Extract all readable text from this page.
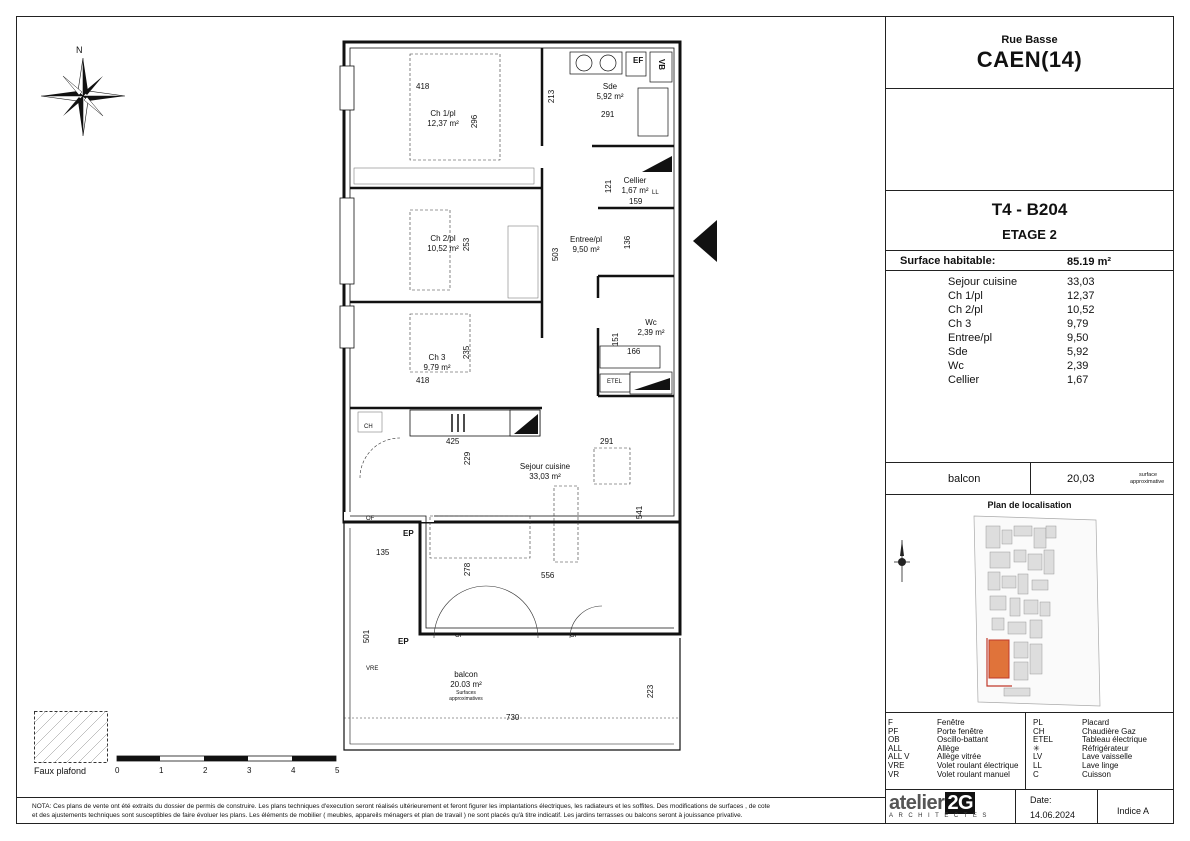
Rue Basse
CAEN(14)
T4 - B204
ETAGE 2
Surface habitable:	85.19 m²
Sejour cuisine	33,03
Ch 1/pl	12,37
Ch 2/pl	10,52
Ch 3	9,79
Entree/pl	9,50
Sde	5,92
Wc	2,39
Cellier	1,67
balcon	20,03	surface
approximative
Plan de localisation
F	Fenêtre
PF	Porte fenêtre
OB	Oscillo-battant
ALL	Allège
ALL V	Allège vitrée
VRE	Volet roulant électrique
VR	Volet roulant manuel
PL	Placard
CH	Chaudière Gaz
ETEL	Tableau électrique
✳	Réfrigérateur
LV	Lave vaisselle
LL	Lave linge
C	Cuisson
atelier 2G
ARCHITECTES
Date:
14.06.2024	Indice A
NOTA: Ces plans de vente ont été extraits du dossier de permis de construire. Les plans techniques d'execution seront réalisés ultérieurement et feront figurer les implantations électriques, les radiateurs et les soffites. Des modifications de surfaces , de cote
et des ajustements techniques sont susceptibles de faire évoluer les plans. Les éléments de mobilier ( meubles, appareils ménagers et plan de travail ) ne sont placés qu'à titre indicatif. Les jardins terrasses ou balcons seront à jouissance privative.
N
Ch 1/pl
12,37 m²
Ch 2/pl
10,52 m²
Ch 3
9,79 m²
Sde
5,92 m²
Cellier
1,67 m²
Entree/pl
9,50 m²
Wc
2,39 m²
Sejour cuisine
33,03 m²
balcon
20.03 m²
Surfaces
approximatives
418
296
213
291
253
503
121
159
136
235
418
151
166
425
229
291
541
135
278	556
501
223
730
EF VB
LL
ETEL
CH
EP
EP
OF
OF	OF
VRE
Faux plafond	0	1	2	3	4	5
